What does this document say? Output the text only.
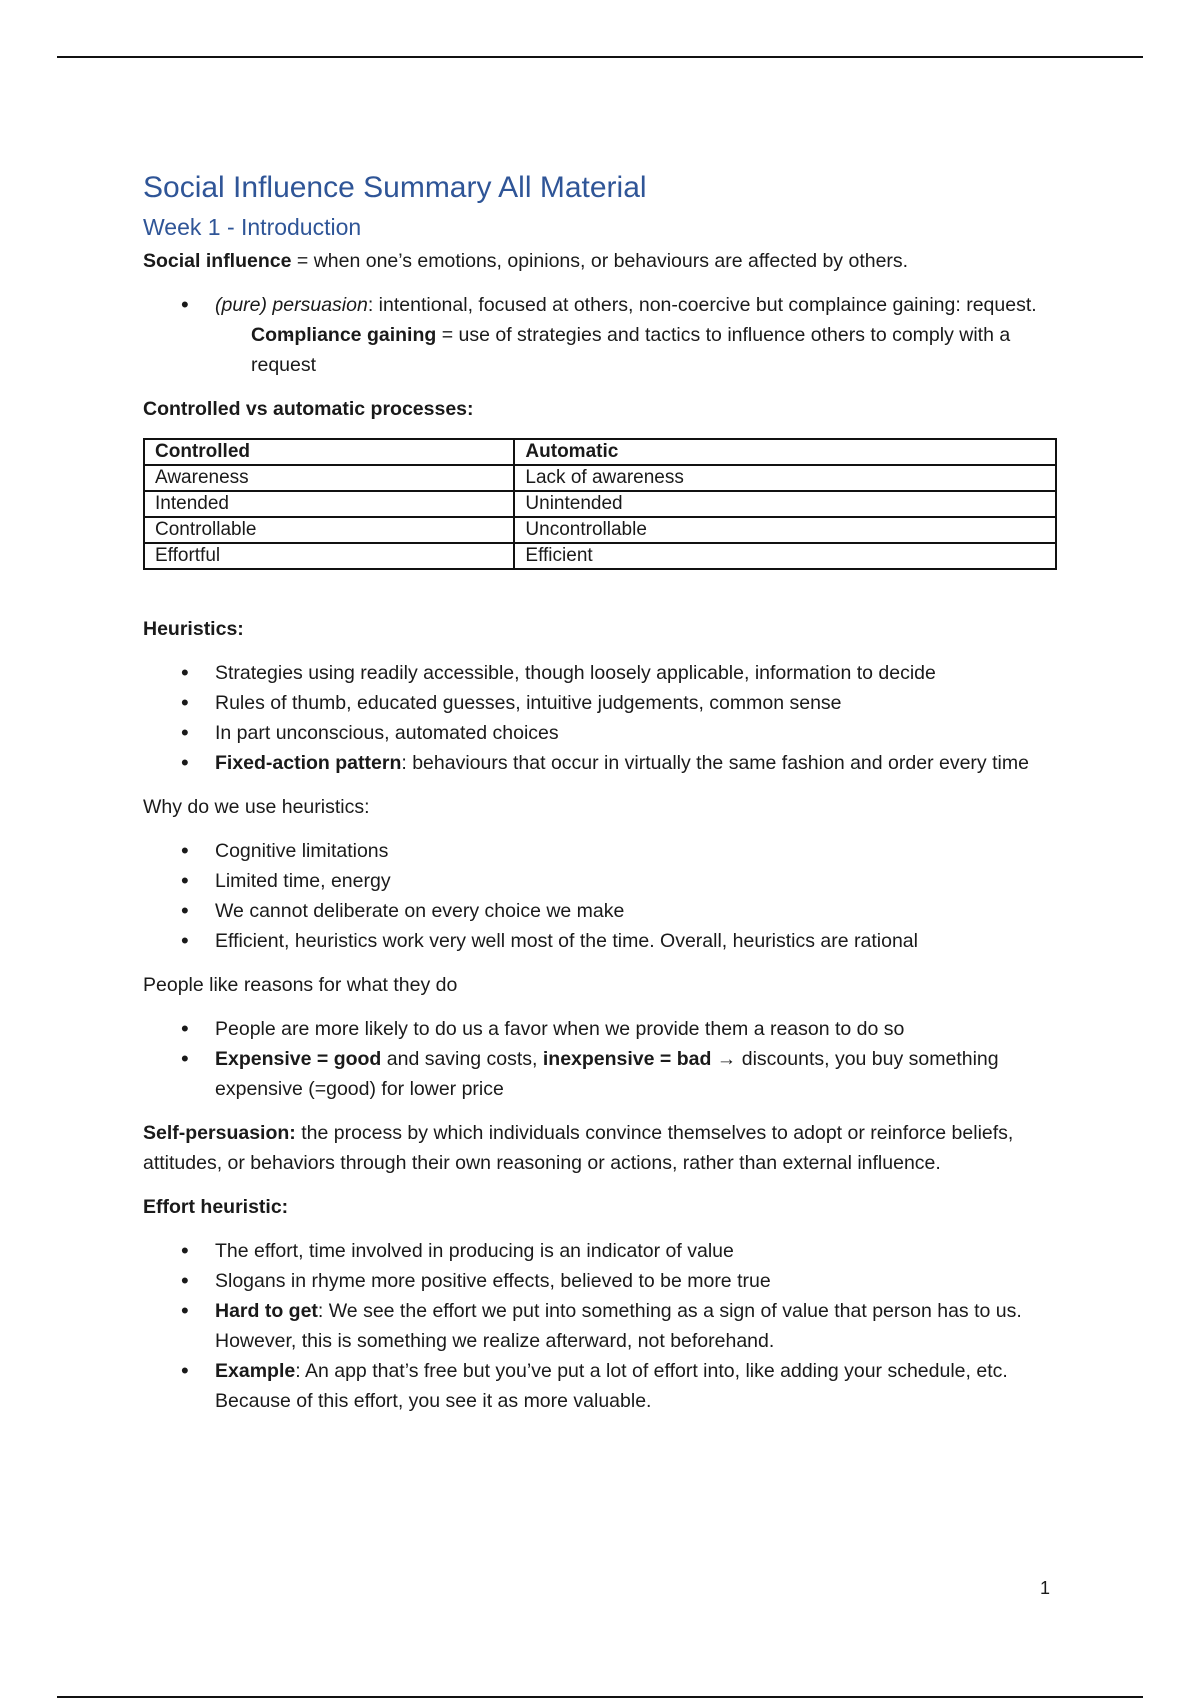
Social Influence Summary All Material
Week 1 - Introduction

Social influence = when one’s emotions, opinions, or behaviours are affected by others.

• (pure) persuasion: intentional, focused at others, non-coercive but complaince gaining: request.
- Compliance gaining = use of strategies and tactics to influence others to comply with a request

Controlled vs automatic processes:

Controlled	Automatic
Awareness	Lack of awareness
Intended	Unintended
Controllable	Uncontrollable
Effortful	Efficient

Heuristics:

• Strategies using readily accessible, though loosely applicable, information to decide
• Rules of thumb, educated guesses, intuitive judgements, common sense
• In part unconscious, automated choices
• Fixed-action pattern: behaviours that occur in virtually the same fashion and order every time

Why do we use heuristics:

• Cognitive limitations
• Limited time, energy
• We cannot deliberate on every choice we make
• Efficient, heuristics work very well most of the time. Overall, heuristics are rational

People like reasons for what they do

• People are more likely to do us a favor when we provide them a reason to do so
• Expensive = good and saving costs, inexpensive = bad → discounts, you buy something expensive (=good) for lower price

Self-persuasion: the process by which individuals convince themselves to adopt or reinforce beliefs, attitudes, or behaviors through their own reasoning or actions, rather than external influence.

Effort heuristic:

• The effort, time involved in producing is an indicator of value
• Slogans in rhyme more positive effects, believed to be more true
• Hard to get: We see the effort we put into something as a sign of value that person has to us. However, this is something we realize afterward, not beforehand.
• Example: An app that’s free but you’ve put a lot of effort into, like adding your schedule, etc. Because of this effort, you see it as more valuable.
1
